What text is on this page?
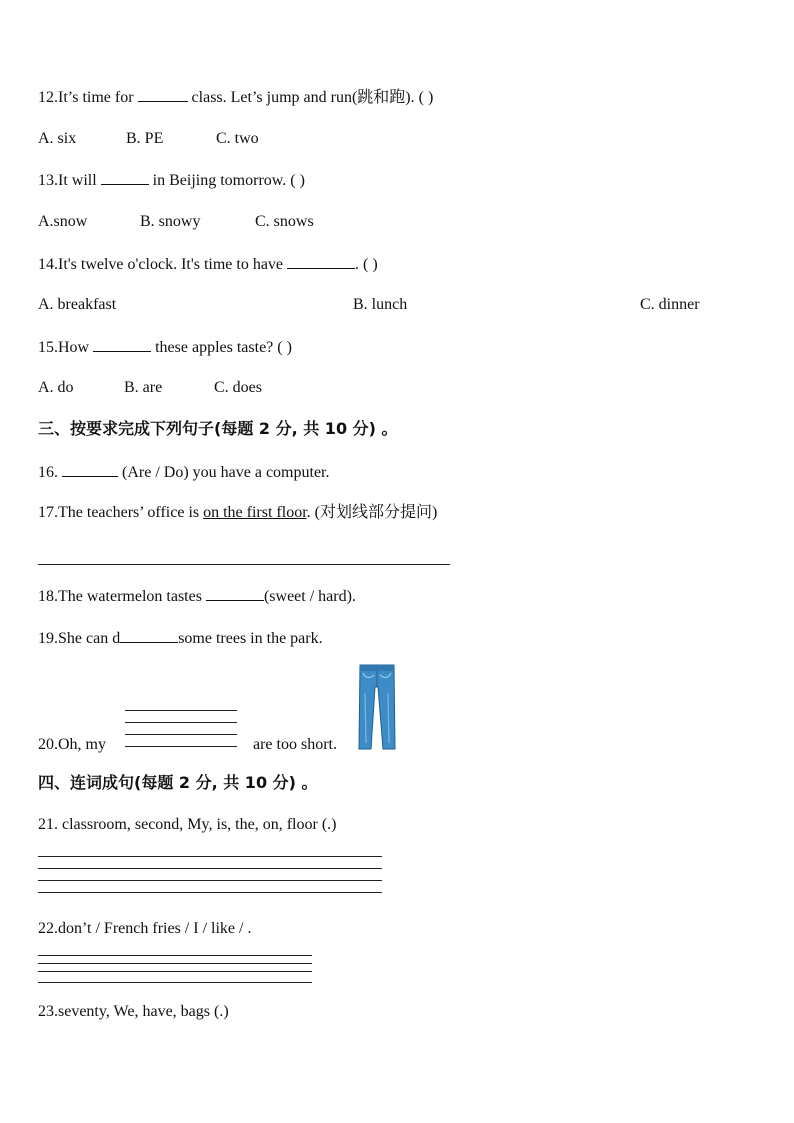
12.It’s time for	class. Let’s jump and run(跳和跑). ( )
A. six	B. PE	C. two
13.It will	in Beijing tomorrow. ( )
A.snow	B. snowy	C. snows
14.It's twelve o'clock. It's time to have	. ( )
A. breakfast	B. lunch	C. dinner
15.How	these apples taste? ( )
A. do	B. are	C. does
三、按要求完成下列句子(每题 2 分, 共 10 分) 。
16.	(Are / Do) you have a computer.
17.The teachers’ office is on the first floor. (对划线部分提问)
18.The watermelon tastes	(sweet / hard).
19.She can d	some trees in the park.
20.Oh, my	are too short.
四、连词成句(每题 2 分, 共 10 分) 。
21. classroom, second, My, is, the, on, floor (.)
22.don’t / French fries / I / like / .
23.seventy, We, have, bags (.)
